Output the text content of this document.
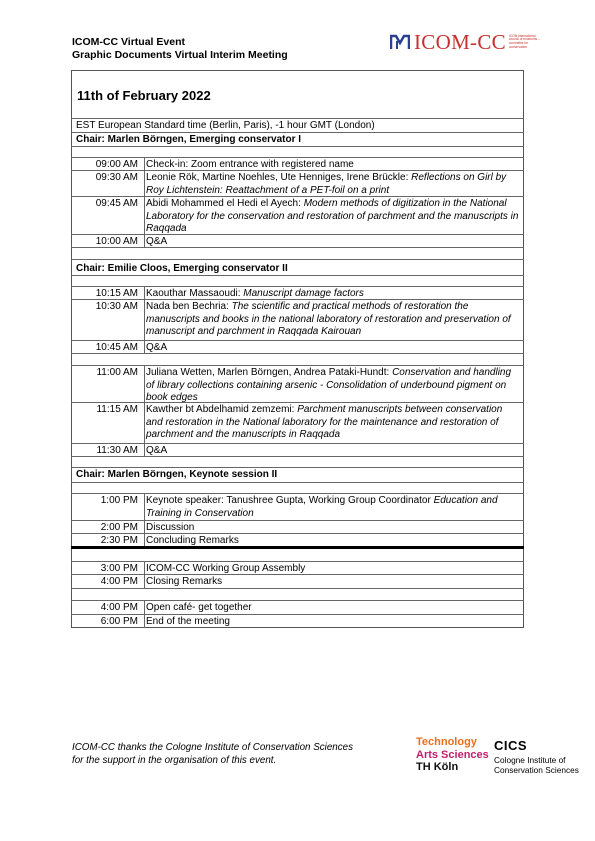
ICOM-CC Virtual Event
Graphic Documents Virtual Interim Meeting
ICOM-CC ICOM international council of museums – committee for conservation
11th of February 2022
EST European Standard time (Berlin, Paris), -1 hour GMT (London)
Chair: Marlen Börngen, Emerging conservator I
09:00 AM Check-in: Zoom entrance with registered name
09:30 AM Leonie Rök, Martine Noehles, Ute Henniges, Irene Brückle: Reflections on Girl by Roy Lichtenstein: Reattachment of a PET-foil on a print
09:45 AM Abidi Mohammed el Hedi el Ayech: Modern methods of digitization in the National Laboratory for the conservation and restoration of parchment and the manuscripts in Raqqada
10:00 AM Q&A
Chair: Emilie Cloos, Emerging conservator II
10:15 AM Kaouthar Massaoudi: Manuscript damage factors
10:30 AM Nada ben Bechria: The scientific and practical methods of restoration the manuscripts and books in the national laboratory of restoration and preservation of manuscript and parchment in Raqqada Kairouan
10:45 AM Q&A
11:00 AM Juliana Wetten, Marlen Börngen, Andrea Pataki-Hundt: Conservation and handling of library collections containing arsenic - Consolidation of underbound pigment on book edges
11:15 AM Kawther bt Abdelhamid zemzemi: Parchment manuscripts between conservation and restoration in the National laboratory for the maintenance and restoration of parchment and the manuscripts in Raqqada
11:30 AM Q&A
Chair: Marlen Börngen, Keynote session II
1:00 PM Keynote speaker: Tanushree Gupta, Working Group Coordinator Education and Training in Conservation
2:00 PM Discussion
2:30 PM Concluding Remarks
3:00 PM ICOM-CC Working Group Assembly
4:00 PM Closing Remarks
4:00 PM Open café- get together
6:00 PM End of the meeting
ICOM-CC thanks the Cologne Institute of Conservation Sciences
for the support in the organisation of this event.
Technology
Arts Sciences
TH Köln
CICS
Cologne Institute of
Conservation Sciences
